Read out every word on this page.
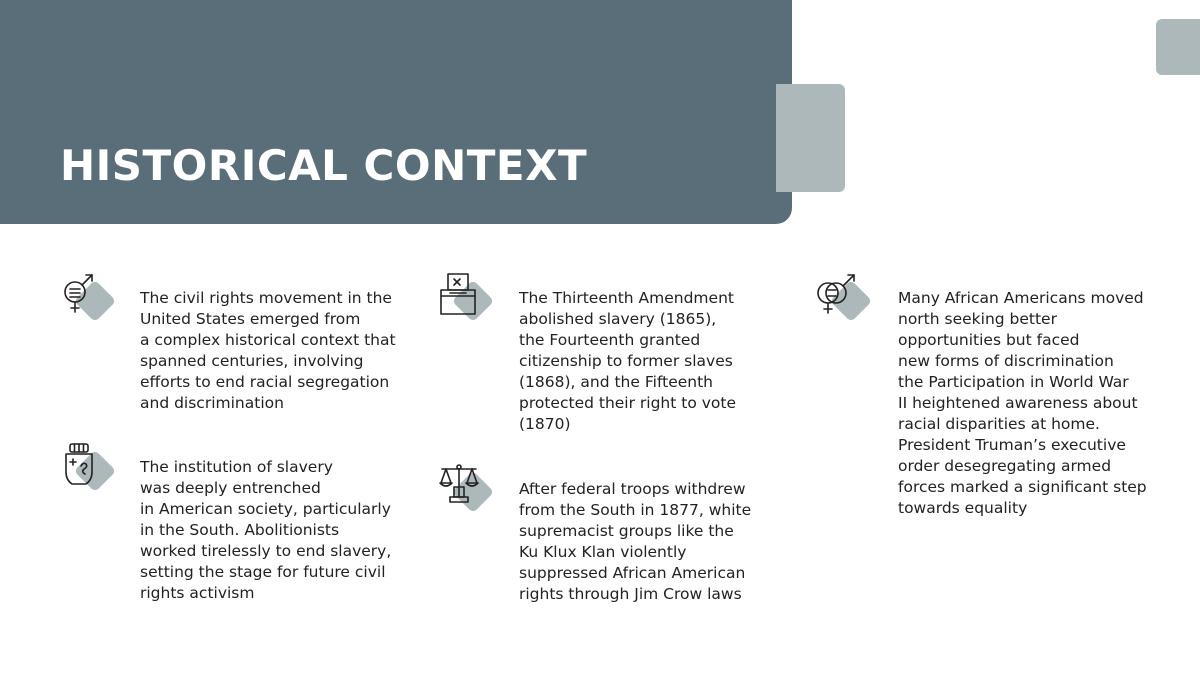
HISTORICAL CONTEXT

The civil rights movement in the
United States emerged from
a complex historical context that
spanned centuries, involving
efforts to end racial segregation
and discrimination

The institution of slavery
was deeply entrenched
in American society, particularly
in the South. Abolitionists
worked tirelessly to end slavery,
setting the stage for future civil
rights activism

The Thirteenth Amendment
abolished slavery (1865),
the Fourteenth granted
citizenship to former slaves
(1868), and the Fifteenth
protected their right to vote
(1870)

After federal troops withdrew
from the South in 1877, white
supremacist groups like the
Ku Klux Klan violently
suppressed African American
rights through Jim Crow laws

Many African Americans moved
north seeking better
opportunities but faced
new forms of discrimination
the Participation in World War
II heightened awareness about
racial disparities at home.
President Truman’s executive
order desegregating armed
forces marked a significant step
towards equality
